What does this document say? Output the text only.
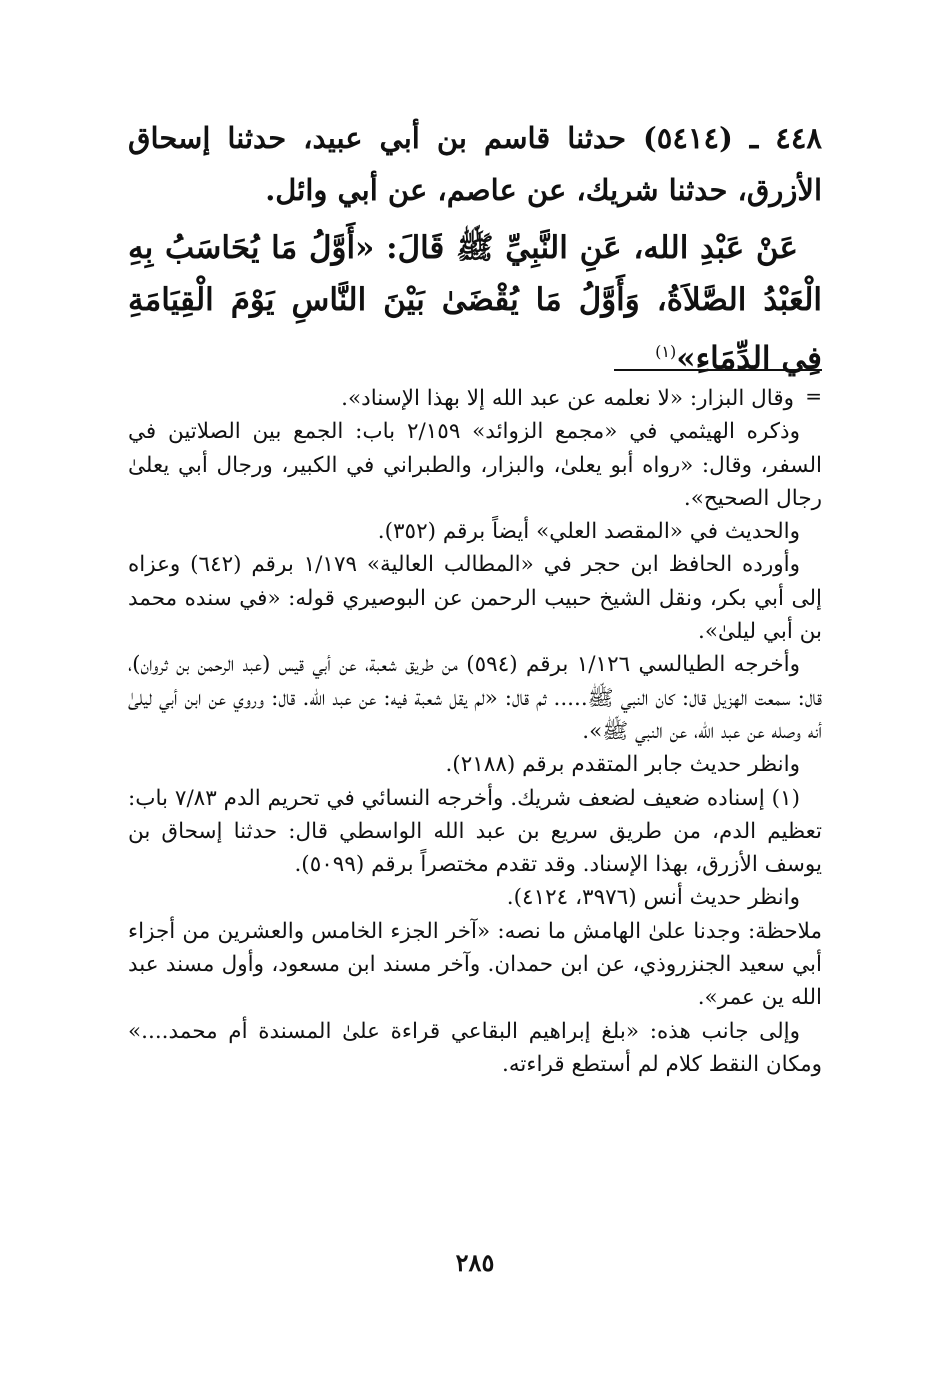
٤٤٨ ـ (٥٤١٤) حدثنا قاسم بن أبي عبيد، حدثنا إسحاق الأزرق، حدثنا شريك، عن عاصم، عن أبي وائل.

عَنْ عَبْدِ الله، عَنِ النَّبِيِّ ﷺ قَالَ: «أَوَّلُ مَا يُحَاسَبُ بِهِ الْعَبْدُ الصَّلاَةُ، وَأَوَّلُ مَا يُقْضَىٰ بَيْنَ النَّاسِ يَوْمَ الْقِيَامَةِ فِي الدِّمَاءِ»$^{(١)}$

=

وقال البزار: «لا نعلمه عن عبد الله إلا بهذا الإسناد».

وذكره الهيثمي في «مجمع الزوائد» ٢/١٥٩ باب: الجمع بين الصلاتين في السفر، وقال: «رواه أبو يعلىٰ، والبزار، والطبراني في الكبير، ورجال أبي يعلىٰ رجال الصحيح».

والحديث في «المقصد العلي» أيضاً برقم (٣٥٢).

وأورده الحافظ ابن حجر في «المطالب العالية» ١/١٧٩ برقم (٦٤٢) وعزاه إلى أبي بكر، ونقل الشيخ حبيب الرحمن عن البوصيري قوله: «في سنده محمد بن أبي ليلىٰ».

وأخرجه الطيالسي ١/١٢٦ برقم (٥٩٤) من طريق شعبة، عن أبي قيس (عبد الرحمن بن ثروان)، قال: سمعت الهزيل قال: كان النبي ﷺ..... ثم قال: «لم يقل شعبة فيه: عن عبد الله. قال: وروي عن ابن أبي ليلىٰ أنه وصله عن عبد الله، عن النبي ﷺ».

وانظر حديث جابر المتقدم برقم (٢١٨٨).

(١) إسناده ضعيف لضعف شريك. وأخرجه النسائي في تحريم الدم ٧/٨٣ باب: تعظيم الدم، من طريق سريع بن عبد الله الواسطي قال: حدثنا إسحاق بن يوسف الأزرق، بهذا الإسناد. وقد تقدم مختصراً برقم (٥٠٩٩).

وانظر حديث أنس (٣٩٧٦، ٤١٢٤).

ملاحظة: وجدنا علىٰ الهامش ما نصه: «آخر الجزء الخامس والعشرين من أجزاء أبي سعيد الجنزروذي، عن ابن حمدان. وآخر مسند ابن مسعود، وأول مسند عبد الله ين عمر».

وإلى جانب هذه: «بلغ إبراهيم البقاعي قراءة علىٰ المسندة أم محمد....» ومكان النقط كلام لم أستطع قراءته.

٢٨٥
